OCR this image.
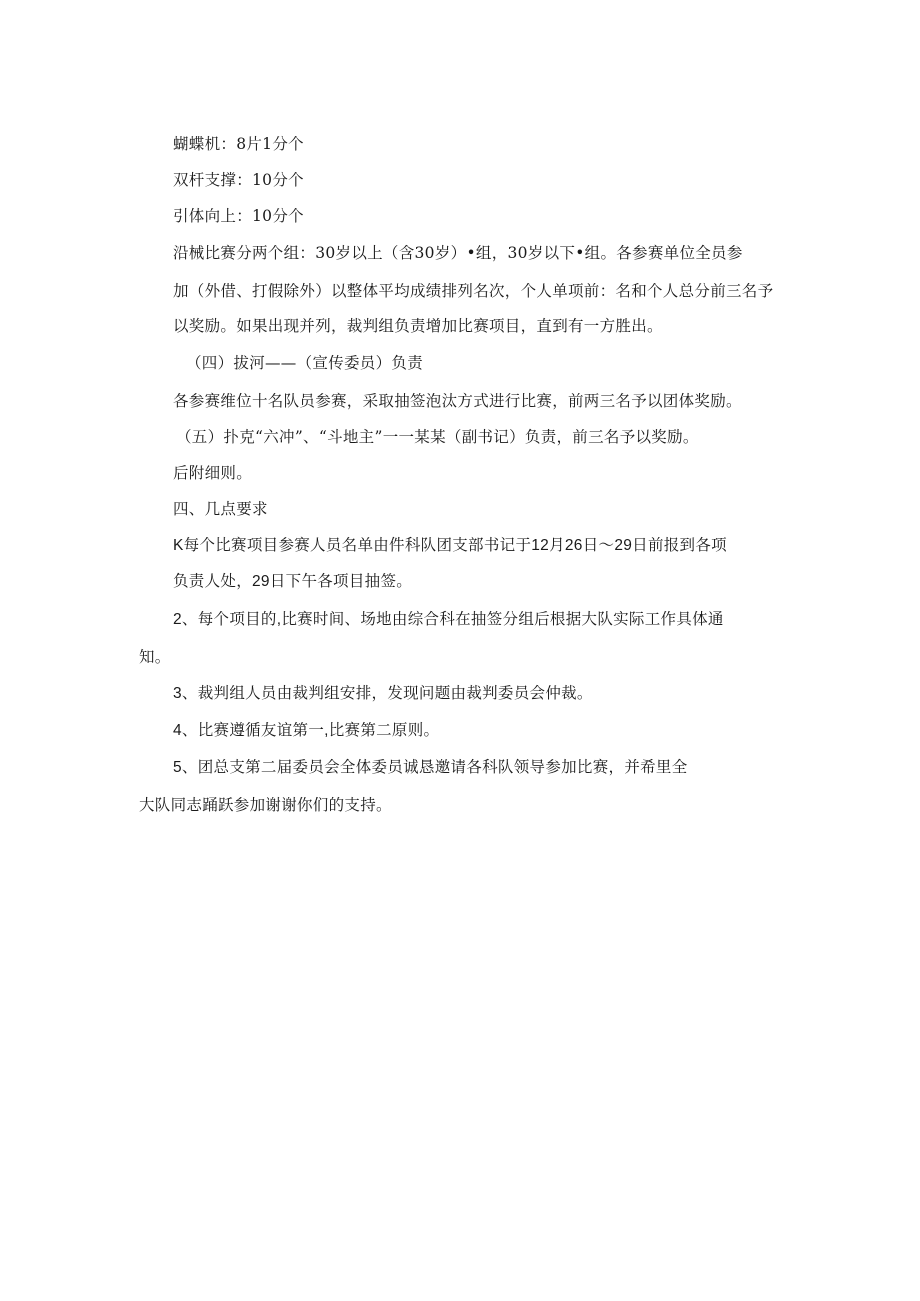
蝴蝶机：8片1分个
双杆支撑：10分个
引体向上：10分个
沿械比赛分两个组：30岁以上（含30岁）•组，30岁以下•组。各参赛单位全员参
加（外借、打假除外）以整体平均成绩排列名次，个人单项前：名和个人总分前三名予
以奖励。如果出现并列，裁判组负责增加比赛项目，直到有一方胜出。
（四）拔河——（宣传委员）负责
各参赛维位十名队员参赛，采取抽签泡汰方式进行比赛，前两三名予以团体奖励。
（五）扑克“六冲”、“斗地主”一一某某（副书记）负责，前三名予以奖励。
后附细则。
四、几点要求
K每个比赛项目参赛人员名单由件科队团支部书记于12月26日～29日前报到各项
负责人处，29日下午各项目抽签。
2、每个项目的,比赛时间、场地由综合科在抽签分组后根据大队实际工作具体通
知。
3、裁判组人员由裁判组安排，发现问题由裁判委员会仲裁。
4、比赛遵循友谊第一,比赛第二原则。
5、团总支第二届委员会全体委员诚恳邀请各科队领导参加比赛，并希里全
大队同志踊跃参加谢谢你们的支持。
